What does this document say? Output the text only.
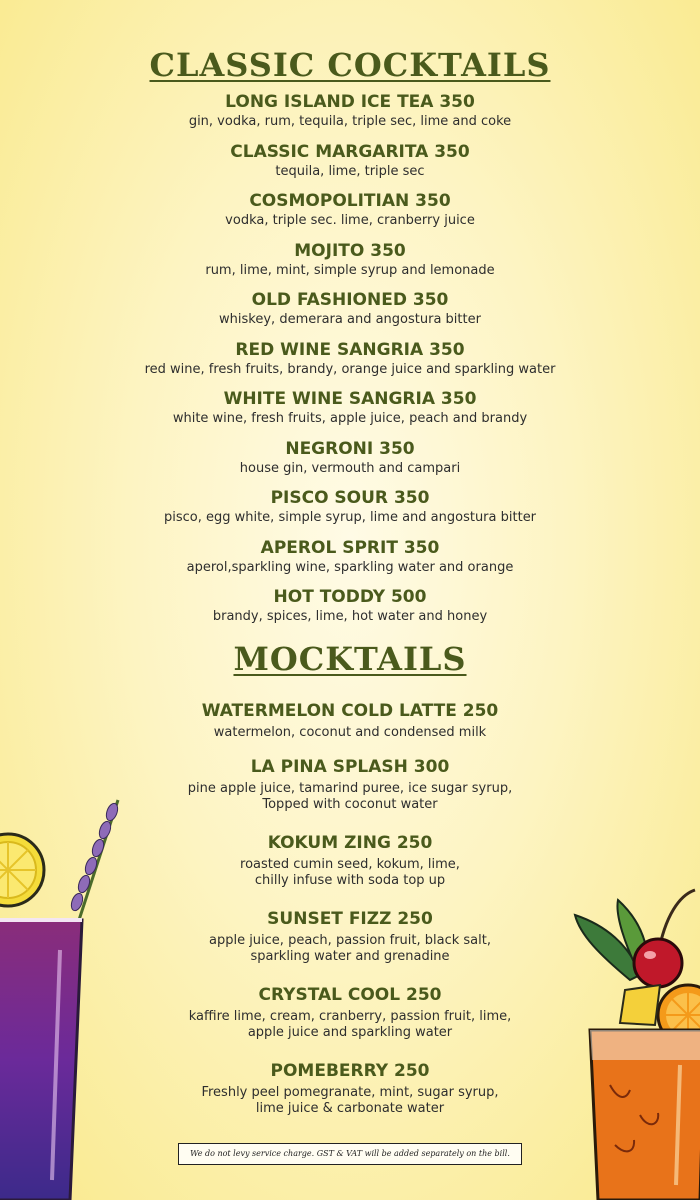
CLASSIC COCKTAILS
LONG ISLAND ICE TEA 350
gin, vodka, rum, tequila, triple sec, lime and coke
CLASSIC MARGARITA 350
tequila, lime, triple sec
COSMOPOLITIAN 350
vodka, triple sec. lime, cranberry juice
MOJITO 350
rum, lime, mint, simple syrup and lemonade
OLD FASHIONED 350
whiskey, demerara and angostura bitter
RED WINE SANGRIA 350
red wine, fresh fruits, brandy, orange juice and sparkling water
WHITE WINE SANGRIA 350
white wine, fresh fruits, apple juice, peach and brandy
NEGRONI 350
house gin, vermouth and campari
PISCO SOUR 350
pisco, egg white, simple syrup, lime and angostura bitter
APEROL SPRIT 350
aperol,sparkling wine, sparkling water and orange
HOT TODDY 500
brandy, spices, lime, hot water and honey
MOCKTAILS
WATERMELON COLD LATTE 250
watermelon, coconut and condensed milk
LA PINA SPLASH 300
pine apple juice, tamarind puree, ice sugar syrup,
Topped with coconut water
KOKUM ZING 250
roasted cumin seed, kokum, lime,
chilly infuse with soda top up
SUNSET FIZZ 250
apple juice, peach, passion fruit, black salt,
sparkling water and grenadine
CRYSTAL COOL 250
kaffire lime, cream, cranberry, passion fruit, lime,
apple juice and sparkling water
POMEBERRY 250
Freshly peel pomegranate, mint, sugar syrup,
lime juice & carbonate water
We do not levy service charge. GST & VAT will be added separately on the bill.
